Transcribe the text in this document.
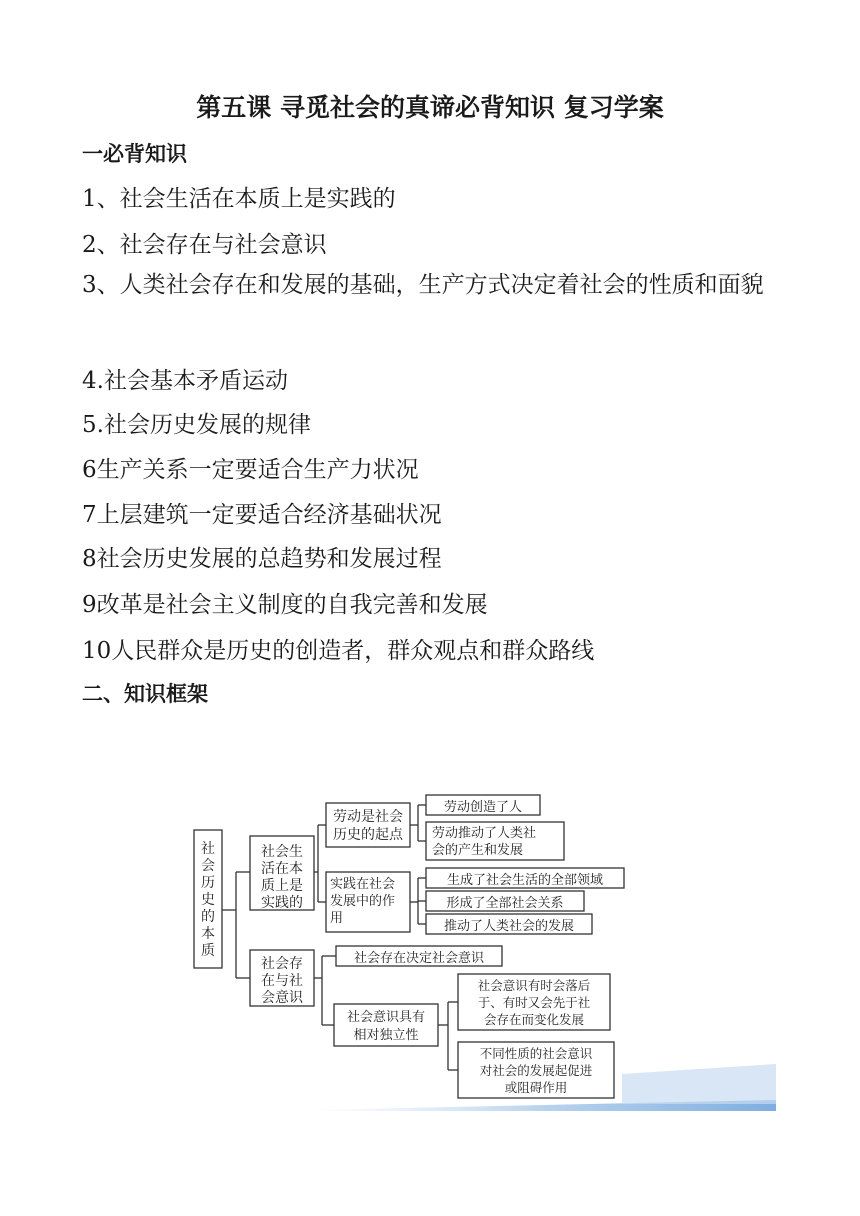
第五课 寻觅社会的真谛必背知识 复习学案
一必背知识
1、社会生活在本质上是实践的
2、社会存在与社会意识
3、人类社会存在和发展的基础，生产方式决定着社会的性质和面貌
4.社会基本矛盾运动
5.社会历史发展的规律
6生产关系一定要适合生产力状况
7上层建筑一定要适合经济基础状况
8社会历史发展的总趋势和发展过程
9改革是社会主义制度的自我完善和发展
10人民群众是历史的创造者，群众观点和群众路线
二、知识框架
社
会
历
史
的
本
质
社会生
活在本
质上是
实践的
劳动是社会
历史的起点
劳动创造了人
劳动推动了人类社
会的产生和发展
实践在社会
发展中的作
用
生成了社会生活的全部领域
形成了全部社会关系
推动了人类社会的发展
社会存
在与社
会意识
社会存在决定社会意识
社会意识具有
相对独立性
社会意识有时会落后
于、有时又会先于社
会存在而变化发展
不同性质的社会意识
对社会的发展起促进
或阻碍作用
